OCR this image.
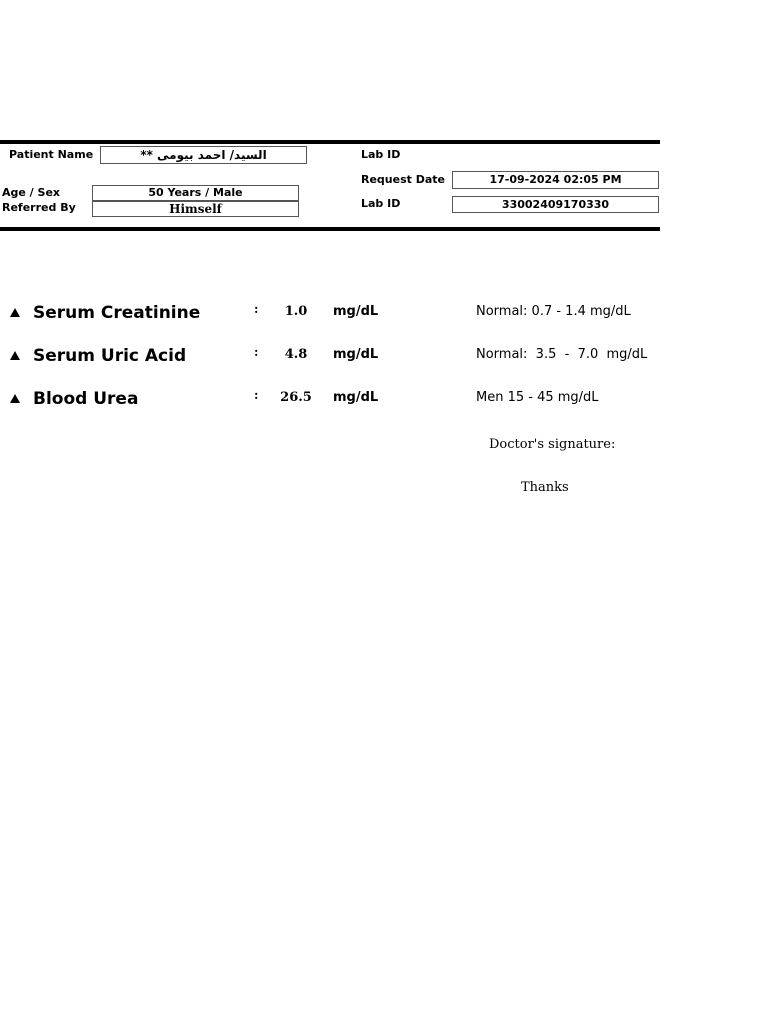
Patient Name	السيد/ احمد بيومى **	Lab ID
Request Date	17-09-2024 02:05 PM
Age / Sex	50 Years / Male
Referred By	Himself	Lab ID	33002409170330
Serum Creatinine	:	1.0	mg/dL	Normal: 0.7 - 1.4 mg/dL
Serum Uric Acid	:	4.8	mg/dL	Normal:  3.5  -  7.0  mg/dL
Blood Urea	:	26.5	mg/dL	Men 15 - 45 mg/dL
Doctor's signature:
Thanks
